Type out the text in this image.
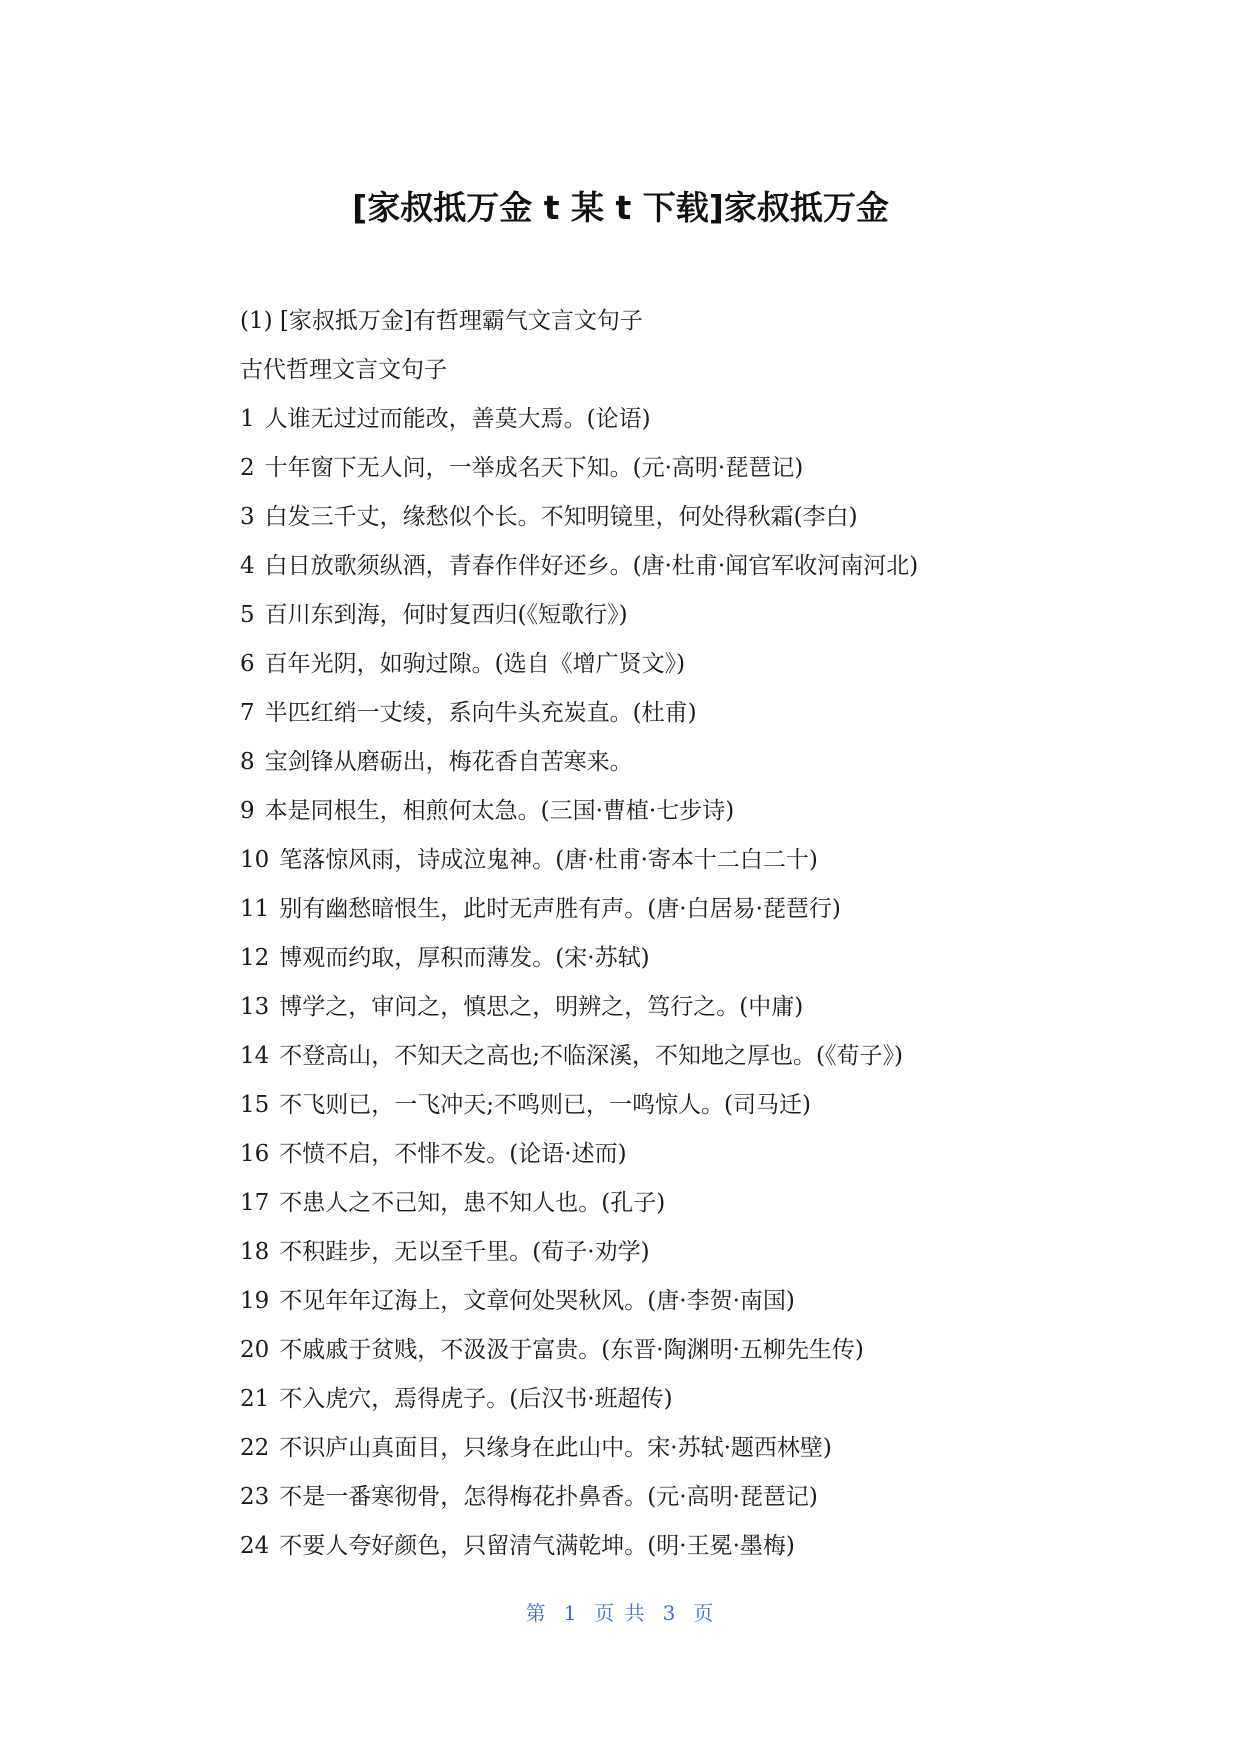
[家叔抵万金 t 某 t 下载]家叔抵万金
(1) [家叔抵万金]有哲理霸气文言文句子
古代哲理文言文句子
1 人谁无过过而能改，善莫大焉。(论语)
2 十年窗下无人问，一举成名天下知。(元·高明·琵琶记)
3 白发三千丈，缘愁似个长。不知明镜里，何处得秋霜(李白)
4 白日放歌须纵酒，青春作伴好还乡。(唐·杜甫·闻官军收河南河北)
5 百川东到海，何时复西归(《短歌行》)
6 百年光阴，如驹过隙。(选自《增广贤文》)
7 半匹红绡一丈绫，系向牛头充炭直。(杜甫)
8 宝剑锋从磨砺出，梅花香自苦寒来。
9 本是同根生，相煎何太急。(三国·曹植·七步诗)
10 笔落惊风雨，诗成泣鬼神。(唐·杜甫·寄本十二白二十)
11 别有幽愁暗恨生，此时无声胜有声。(唐·白居易·琵琶行)
12 博观而约取，厚积而薄发。(宋·苏轼)
13 博学之，审问之，慎思之，明辨之，笃行之。(中庸)
14 不登高山，不知天之高也;不临深溪，不知地之厚也。(《荀子》)
15 不飞则已，一飞冲天;不鸣则已，一鸣惊人。(司马迁)
16 不愤不启，不悱不发。(论语·述而)
17 不患人之不己知，患不知人也。(孔子)
18 不积跬步，无以至千里。(荀子·劝学)
19 不见年年辽海上，文章何处哭秋风。(唐·李贺·南国)
20 不戚戚于贫贱，不汲汲于富贵。(东晋·陶渊明·五柳先生传)
21 不入虎穴，焉得虎子。(后汉书·班超传)
22 不识庐山真面目，只缘身在此山中。宋·苏轼·题西林壁)
23 不是一番寒彻骨，怎得梅花扑鼻香。(元·高明·琵琶记)
24 不要人夸好颜色，只留清气满乾坤。(明·王冕·墨梅)
第 1 页 共 3 页
